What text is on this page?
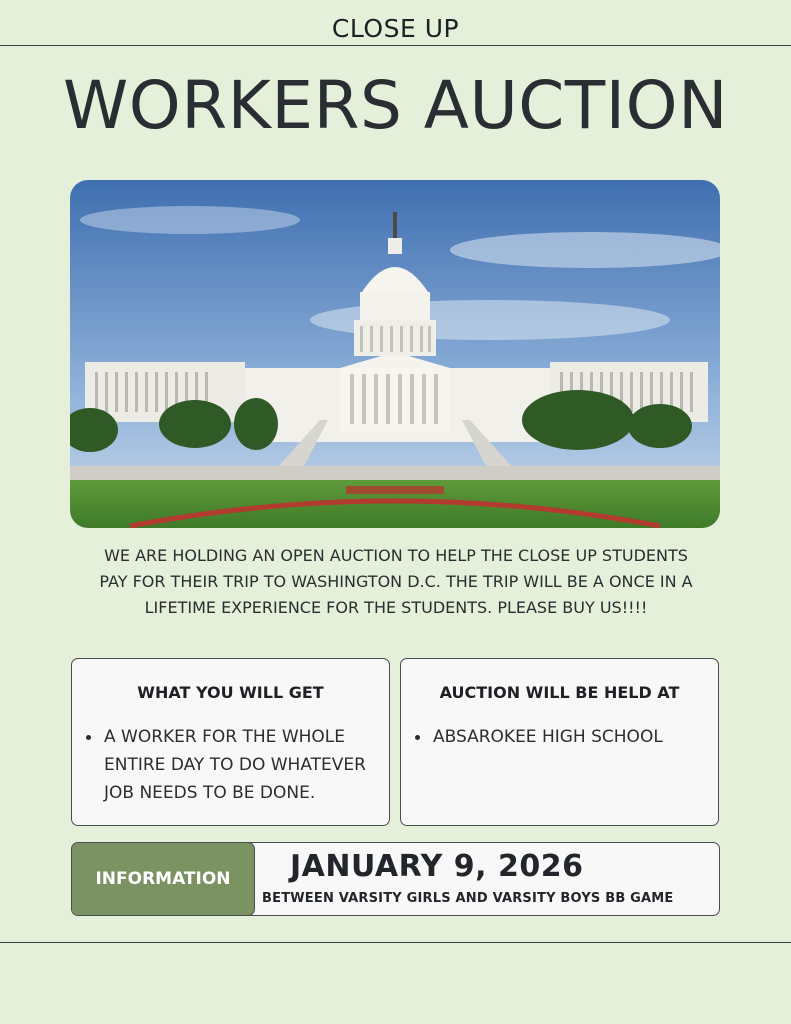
CLOSE UP
WORKERS AUCTION
WE ARE HOLDING AN OPEN AUCTION TO HELP THE CLOSE UP STUDENTS PAY FOR THEIR TRIP TO WASHINGTON D.C. THE TRIP WILL BE A ONCE IN A LIFETIME EXPERIENCE FOR THE STUDENTS. PLEASE BUY US!!!!
WHAT YOU WILL GET
A WORKER FOR THE WHOLE ENTIRE DAY TO DO WHATEVER JOB NEEDS TO BE DONE.
AUCTION WILL BE HELD AT
ABSAROKEE HIGH SCHOOL
INFORMATION	JANUARY 9, 2026
BETWEEN VARSITY GIRLS AND VARSITY BOYS BB GAME
